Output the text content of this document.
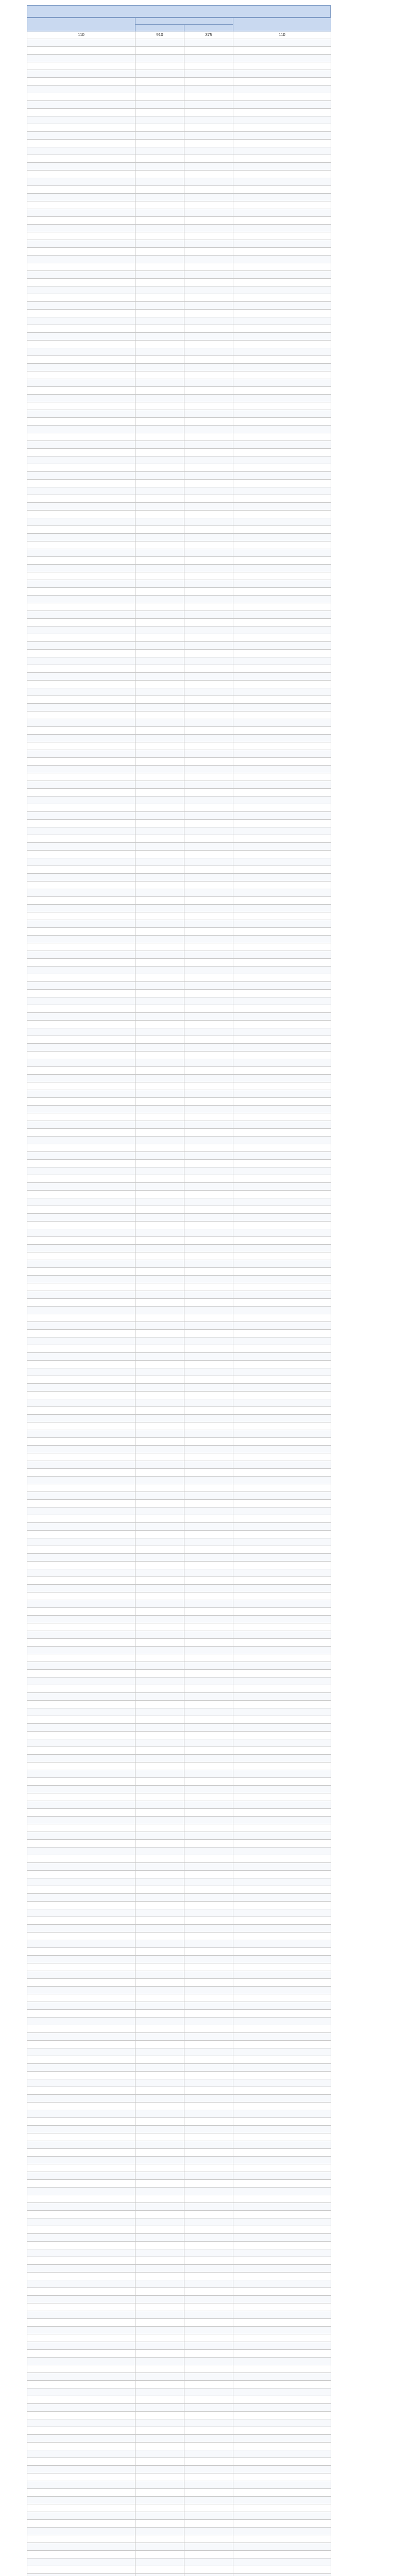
110	910	375	110
